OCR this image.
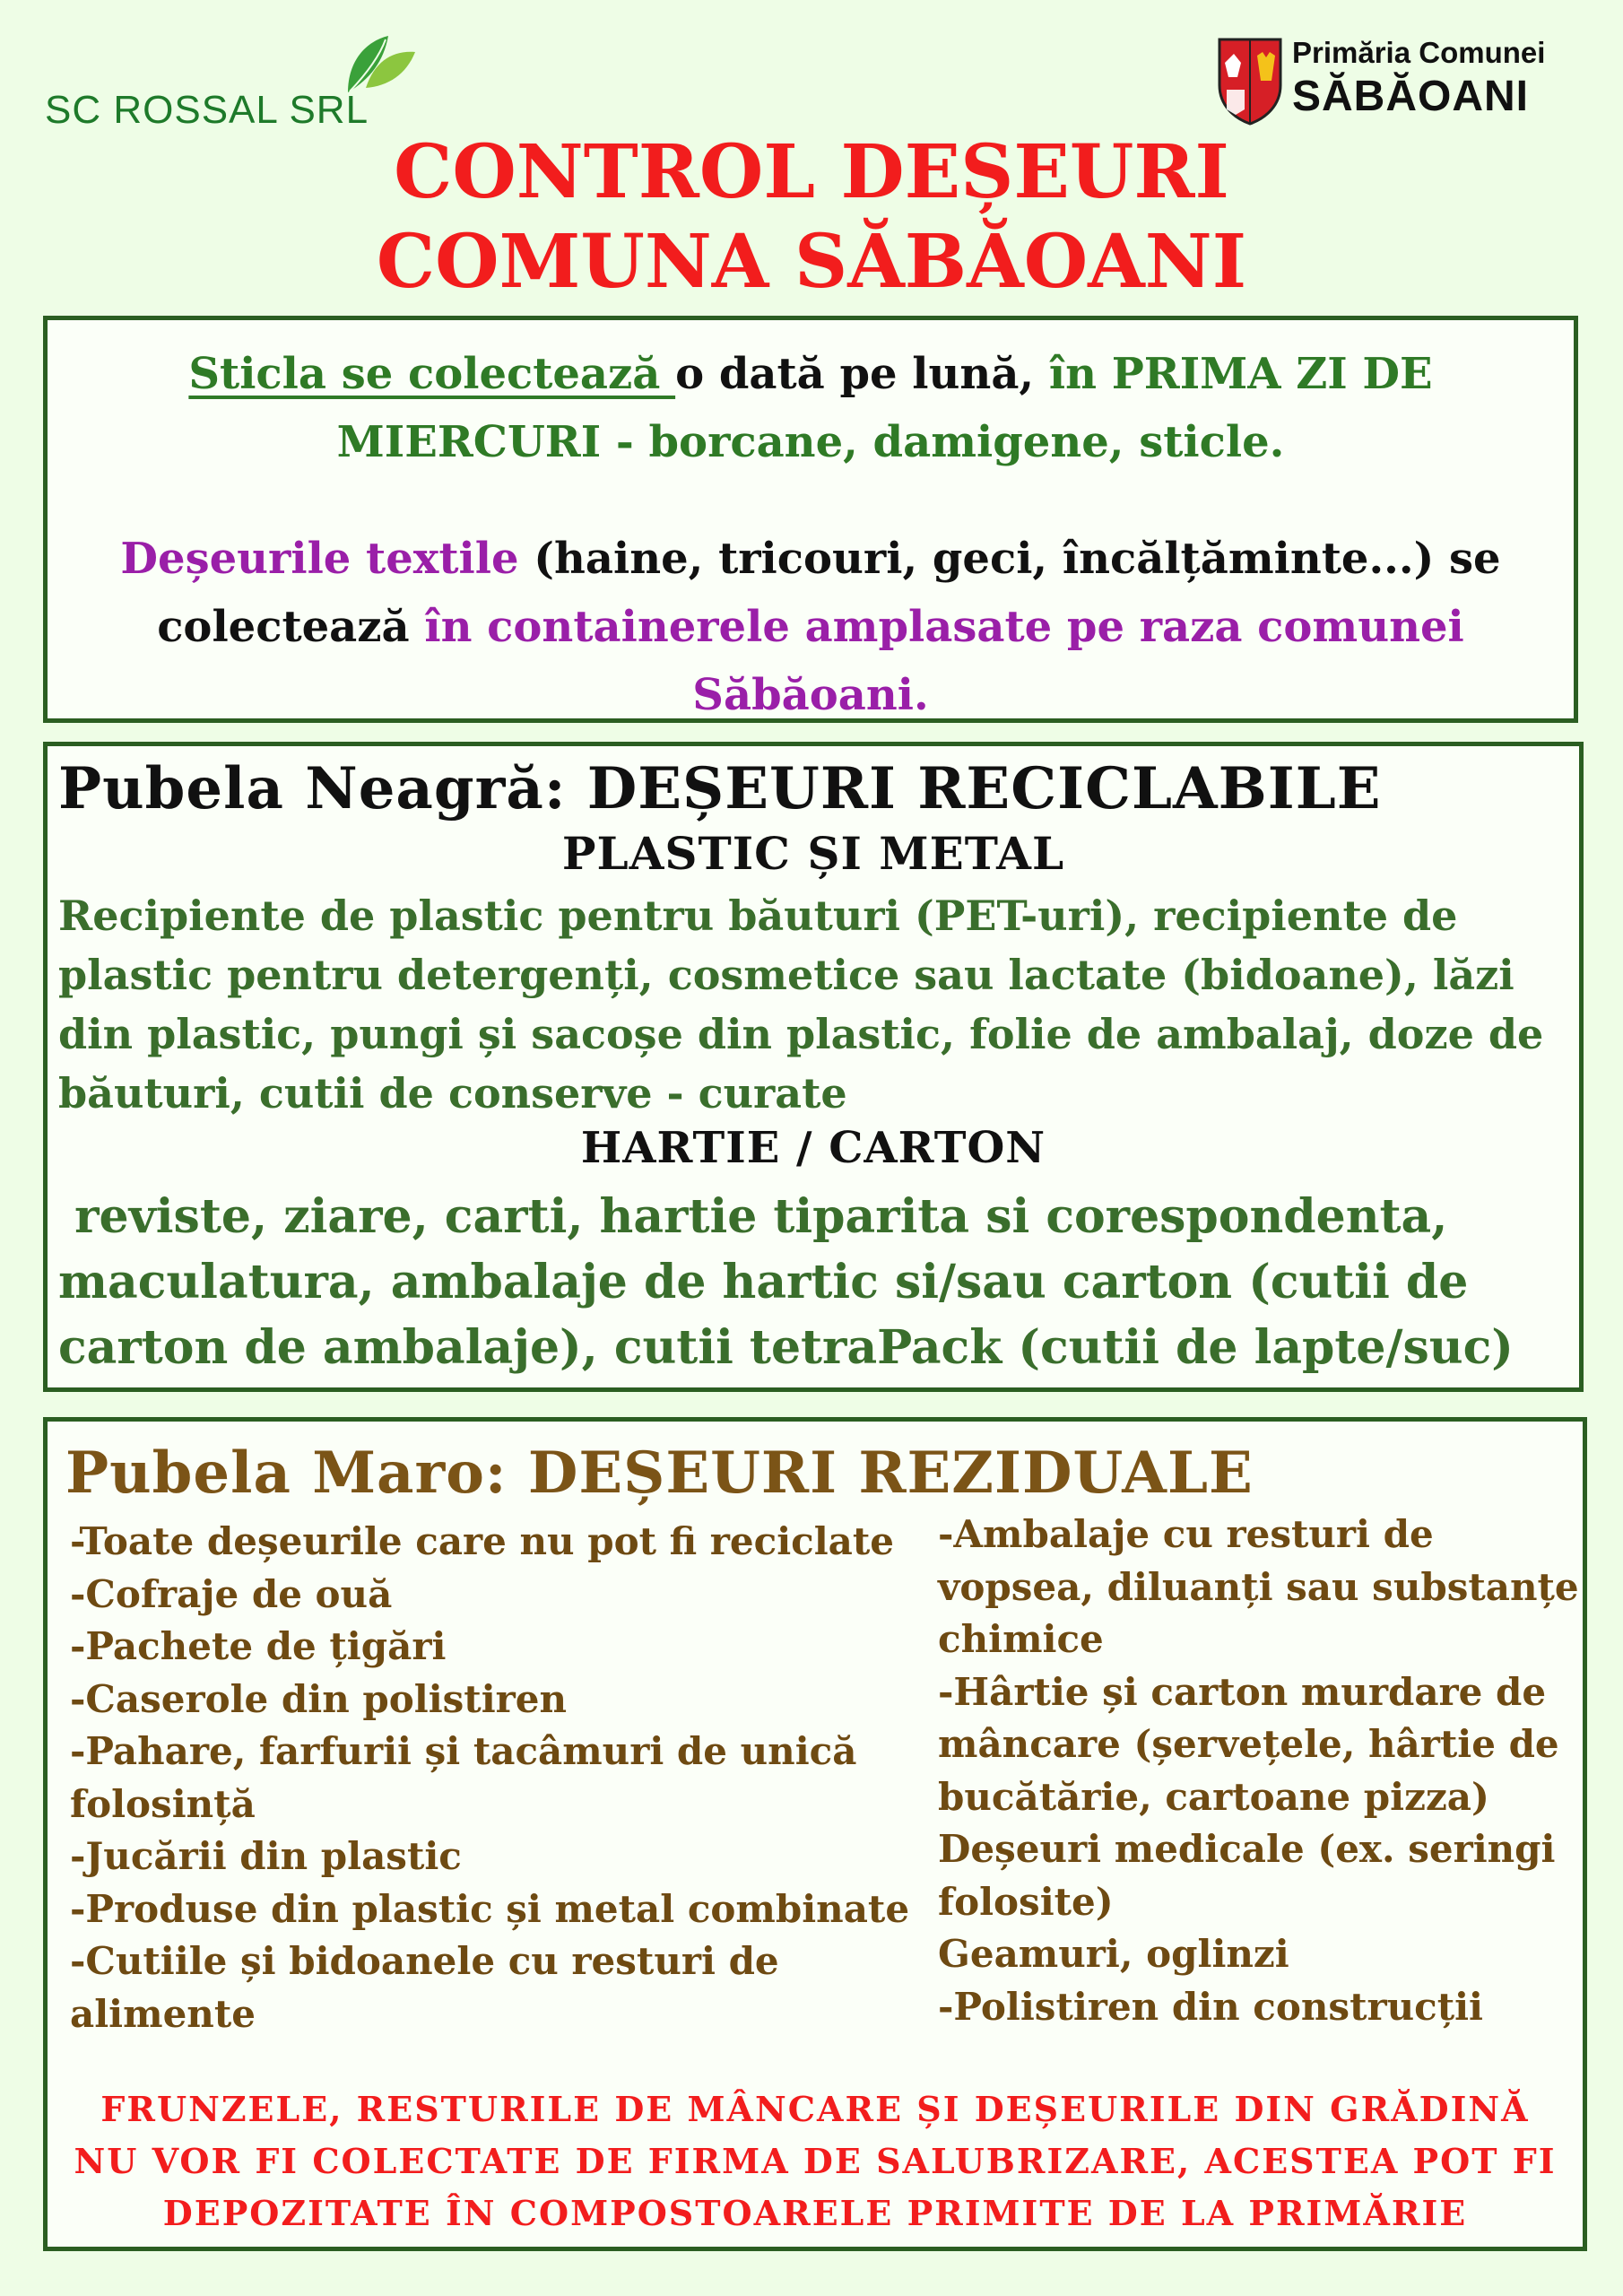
SC ROSSAL SRL
Primăria Comunei
SĂBĂOANI
CONTROL DEȘEURI
COMUNA SĂBĂOANI
Sticla se colectează o dată pe lună, în PRIMA ZI DE MIERCURI - borcane, damigene, sticle.
Deșeurile textile (haine, tricouri, geci, încălțăminte...) se colectează în containerele amplasate pe raza comunei Săbăoani.
Pubela Neagră: DEȘEURI RECICLABILE
PLASTIC ȘI METAL
Recipiente de plastic pentru băuturi (PET-uri), recipiente de plastic pentru detergenți, cosmetice sau lactate (bidoane), lăzi din plastic, pungi și sacoșe din plastic, folie de ambalaj, doze de băuturi, cutii de conserve - curate
HARTIE / CARTON
reviste, ziare, carti, hartie tiparita si corespondenta, maculatura, ambalaje de hartic si/sau carton (cutii de carton de ambalaje), cutii tetraPack (cutii de lapte/suc)
Pubela Maro: DEȘEURI REZIDUALE
-Toate deșeurile care nu pot fi reciclate
-Cofraje de ouă
-Pachete de țigări
-Caserole din polistiren
-Pahare, farfurii și tacâmuri de unică folosință
-Jucării din plastic
-Produse din plastic și metal combinate
-Cutiile și bidoanele cu resturi de alimente
-Ambalaje cu resturi de vopsea, diluanți sau substanțe chimice
-Hârtie și carton murdare de mâncare (șervețele, hârtie de bucătărie, cartoane pizza)
Deșeuri medicale (ex. seringi folosite)
Geamuri, oglinzi
-Polistiren din construcții
FRUNZELE, RESTURILE DE MÂNCARE ȘI DEȘEURILE DIN GRĂDINĂ NU VOR FI COLECTATE DE FIRMA DE SALUBRIZARE, ACESTEA POT FI DEPOZITATE ÎN COMPOSTOARELE PRIMITE DE LA PRIMĂRIE
